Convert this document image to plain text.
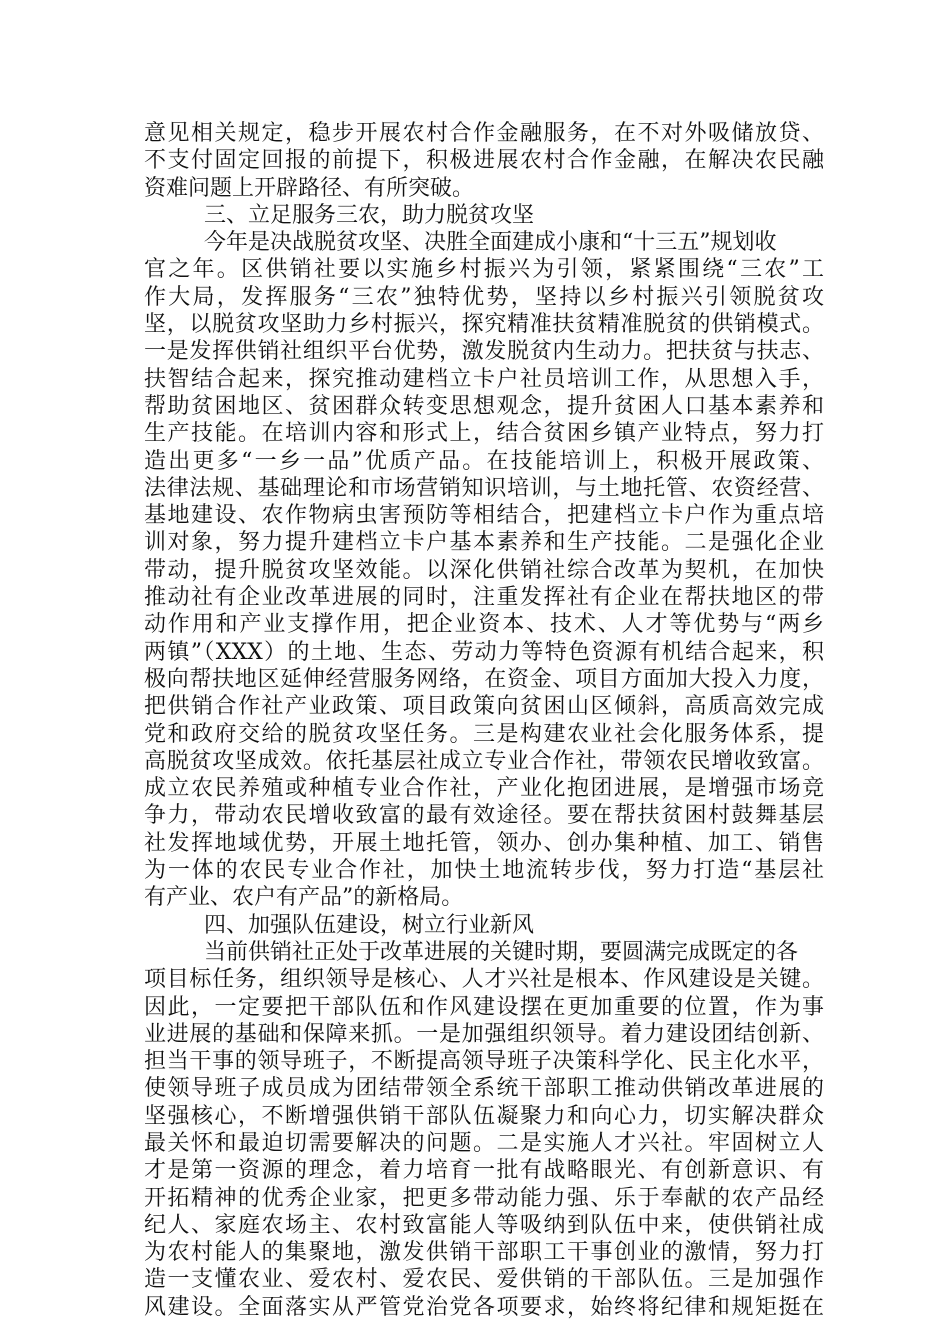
意见相关规定，稳步开展农村合作金融服务，在不对外吸储放贷、
不支付固定回报的前提下，积极进展农村合作金融，在解决农民融
资难问题上开辟路径、有所突破。
三、立足服务三农，助力脱贫攻坚
今年是决战脱贫攻坚、决胜全面建成小康和“十三五”规划收
官之年。区供销社要以实施乡村振兴为引领，紧紧围绕“三农”工
作大局，发挥服务“三农”独特优势，坚持以乡村振兴引领脱贫攻
坚，以脱贫攻坚助力乡村振兴，探究精准扶贫精准脱贫的供销模式。
一是发挥供销社组织平台优势，激发脱贫内生动力。把扶贫与扶志、
扶智结合起来，探究推动建档立卡户社员培训工作，从思想入手，
帮助贫困地区、贫困群众转变思想观念，提升贫困人口基本素养和
生产技能。在培训内容和形式上，结合贫困乡镇产业特点，努力打
造出更多“一乡一品”优质产品。在技能培训上，积极开展政策、
法律法规、基础理论和市场营销知识培训，与土地托管、农资经营、
基地建设、农作物病虫害预防等相结合，把建档立卡户作为重点培
训对象，努力提升建档立卡户基本素养和生产技能。二是强化企业
带动，提升脱贫攻坚效能。以深化供销社综合改革为契机，在加快
推动社有企业改革进展的同时，注重发挥社有企业在帮扶地区的带
动作用和产业支撑作用，把企业资本、技术、人才等优势与“两乡
两镇”（XXX）的土地、生态、劳动力等特色资源有机结合起来，积
极向帮扶地区延伸经营服务网络，在资金、项目方面加大投入力度，
把供销合作社产业政策、项目政策向贫困山区倾斜，高质高效完成
党和政府交给的脱贫攻坚任务。三是构建农业社会化服务体系，提
高脱贫攻坚成效。依托基层社成立专业合作社，带领农民增收致富。
成立农民养殖或种植专业合作社，产业化抱团进展，是增强市场竞
争力，带动农民增收致富的最有效途径。要在帮扶贫困村鼓舞基层
社发挥地域优势，开展土地托管，领办、创办集种植、加工、销售
为一体的农民专业合作社，加快土地流转步伐，努力打造“基层社
有产业、农户有产品”的新格局。
四、加强队伍建设，树立行业新风
当前供销社正处于改革进展的关键时期，要圆满完成既定的各
项目标任务，组织领导是核心、人才兴社是根本、作风建设是关键。
因此，一定要把干部队伍和作风建设摆在更加重要的位置，作为事
业进展的基础和保障来抓。一是加强组织领导。着力建设团结创新、
担当干事的领导班子，不断提高领导班子决策科学化、民主化水平，
使领导班子成员成为团结带领全系统干部职工推动供销改革进展的
坚强核心，不断增强供销干部队伍凝聚力和向心力，切实解决群众
最关怀和最迫切需要解决的问题。二是实施人才兴社。牢固树立人
才是第一资源的理念，着力培育一批有战略眼光、有创新意识、有
开拓精神的优秀企业家，把更多带动能力强、乐于奉献的农产品经
纪人、家庭农场主、农村致富能人等吸纳到队伍中来，使供销社成
为农村能人的集聚地，激发供销干部职工干事创业的激情，努力打
造一支懂农业、爱农村、爱农民、爱供销的干部队伍。三是加强作
风建设。全面落实从严管党治党各项要求，始终将纪律和规矩挺在
